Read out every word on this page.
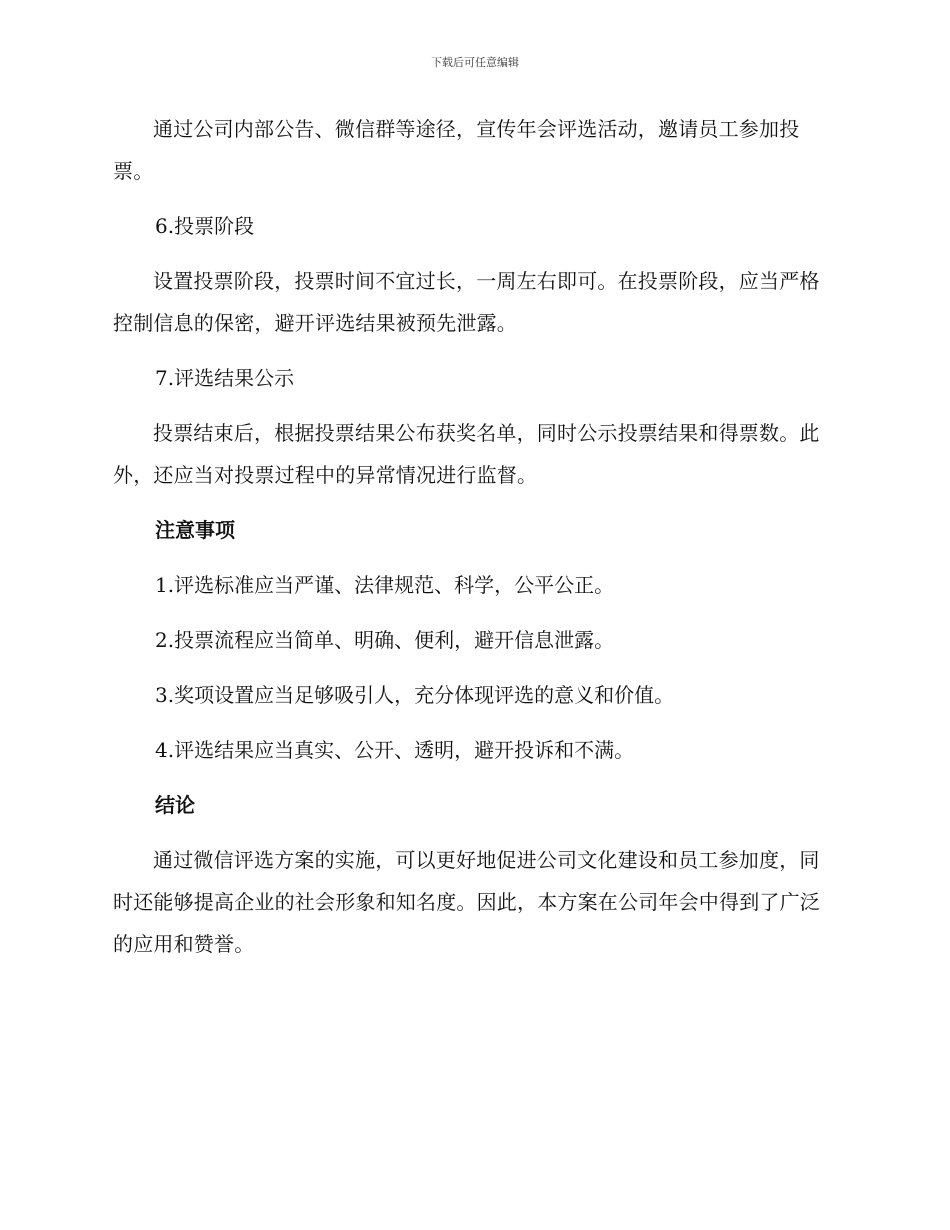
下载后可任意编辑

通过公司内部公告、微信群等途径，宣传年会评选活动，邀请员工参加投票。

6.投票阶段

设置投票阶段，投票时间不宜过长，一周左右即可。在投票阶段，应当严格控制信息的保密，避开评选结果被预先泄露。

7.评选结果公示

投票结束后，根据投票结果公布获奖名单，同时公示投票结果和得票数。此外，还应当对投票过程中的异常情况进行监督。

注意事项

1.评选标准应当严谨、法律规范、科学，公平公正。

2.投票流程应当简单、明确、便利，避开信息泄露。

3.奖项设置应当足够吸引人，充分体现评选的意义和价值。

4.评选结果应当真实、公开、透明，避开投诉和不满。

结论

通过微信评选方案的实施，可以更好地促进公司文化建设和员工参加度，同时还能够提高企业的社会形象和知名度。因此，本方案在公司年会中得到了广泛的应用和赞誉。
